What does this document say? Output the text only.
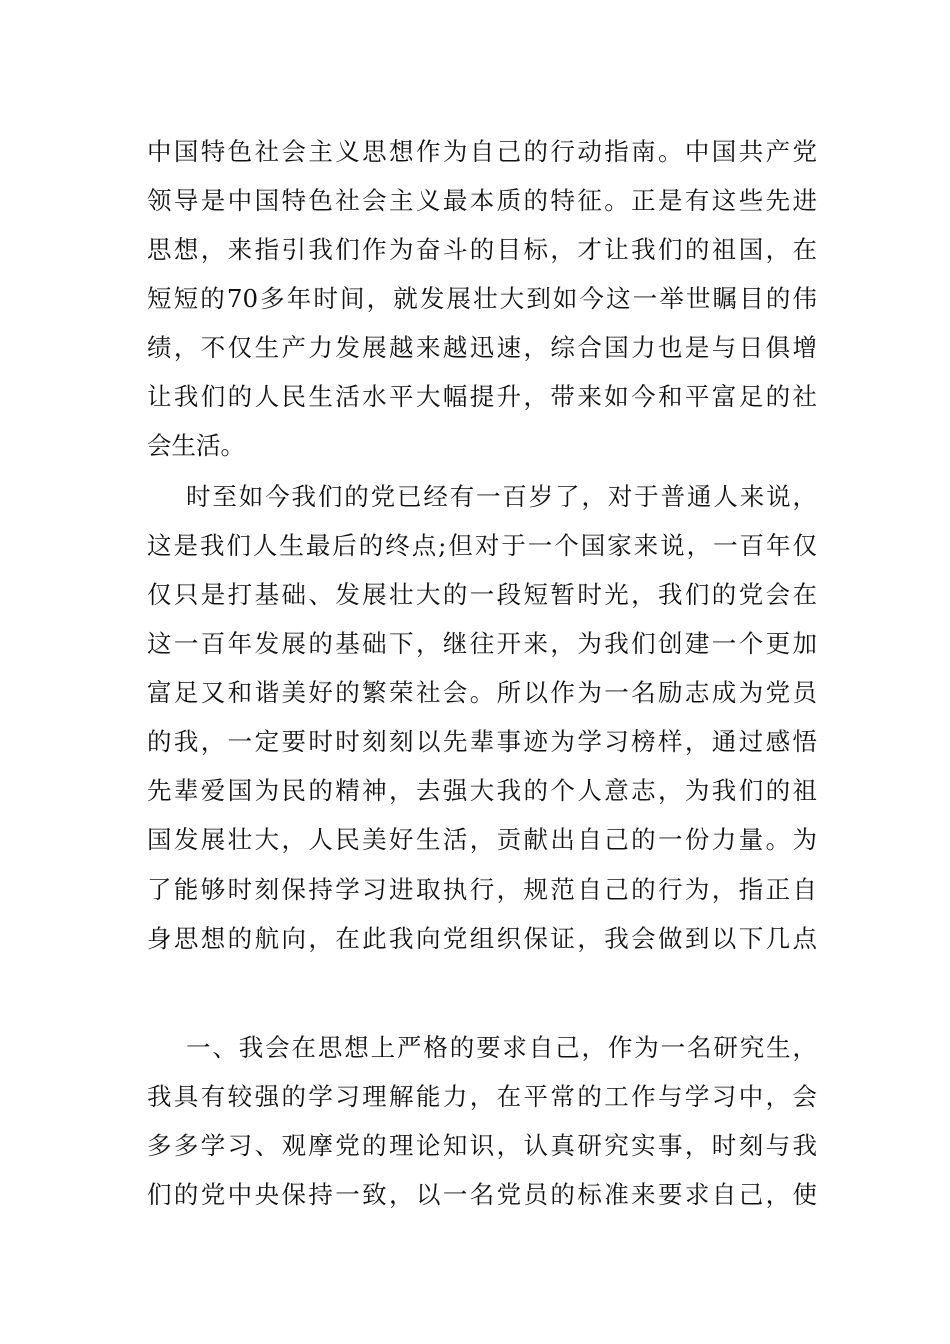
中国特色社会主义思想作为自己的行动指南。中国共产党
领导是中国特色社会主义最本质的特征。正是有这些先进
思想，来指引我们作为奋斗的目标，才让我们的祖国，在
短短的70多年时间，就发展壮大到如今这一举世瞩目的伟
绩，不仅生产力发展越来越迅速，综合国力也是与日俱增
让我们的人民生活水平大幅提升，带来如今和平富足的社
会生活。
时至如今我们的党已经有一百岁了，对于普通人来说，
这是我们人生最后的终点;但对于一个国家来说，一百年仅
仅只是打基础、发展壮大的一段短暂时光，我们的党会在
这一百年发展的基础下，继往开来，为我们创建一个更加
富足又和谐美好的繁荣社会。所以作为一名励志成为党员
的我，一定要时时刻刻以先辈事迹为学习榜样，通过感悟
先辈爱国为民的精神，去强大我的个人意志，为我们的祖
国发展壮大，人民美好生活，贡献出自己的一份力量。为
了能够时刻保持学习进取执行，规范自己的行为，指正自
身思想的航向，在此我向党组织保证，我会做到以下几点
一、我会在思想上严格的要求自己，作为一名研究生，
我具有较强的学习理解能力，在平常的工作与学习中，会
多多学习、观摩党的理论知识，认真研究实事，时刻与我
们的党中央保持一致，以一名党员的标准来要求自己，使
